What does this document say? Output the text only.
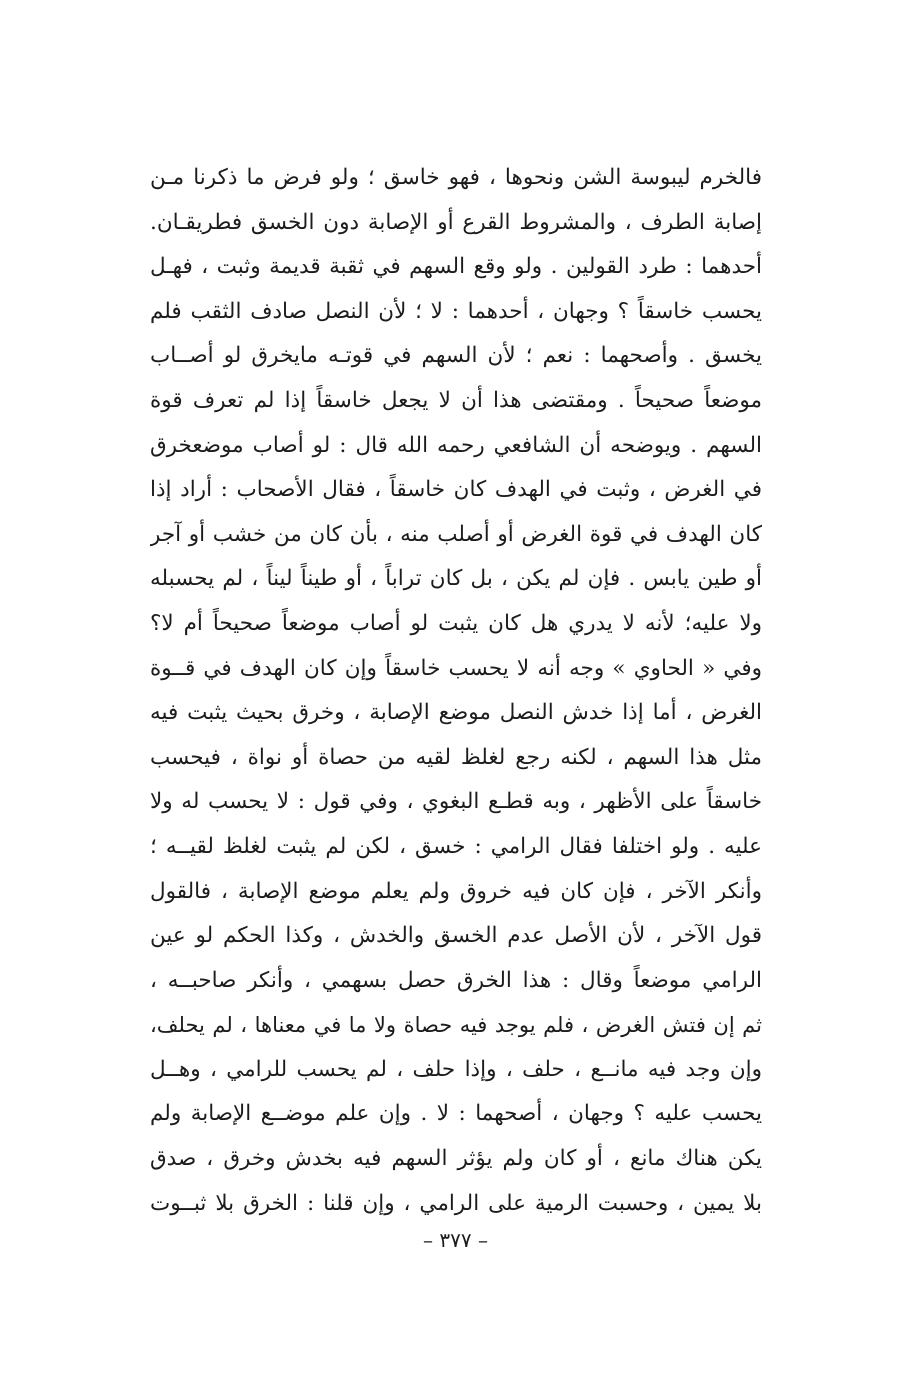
فالخرم ليبوسة الشن ونحوها ، فهو خاسق ؛ ولو فرض ما ذكرنا مـن
إصابة الطرف ، والمشروط القرع أو الإصابة دون الخسق فطريقـان.
أحدهما : طرد القولين . ولو وقع السهم في ثقبة قديمة وثبت ، فهـل
يحسب خاسقاً ؟ وجهان ، أحدهما : لا ؛ لأن النصل صادف الثقب فلم
يخسق . وأصحهما : نعم ؛ لأن السهم في قوتـه مايخرق لو أصــاب
موضعاً صحيحاً . ومقتضى هذا أن لا يجعل خاسقاً إذا لم تعرف قوة
السهم . ويوضحه أن الشافعي رحمه الله قال : لو أصاب موضعخرق
في الغرض ، وثبت في الهدف كان خاسقاً ، فقال الأصحاب : أراد إذا
كان الهدف في قوة الغرض أو أصلب منه ، بأن كان من خشب أو آجر
أو طين يابس . فإن لم يكن ، بل كان تراباً ، أو طيناً ليناً ، لم يحسبله
ولا عليه؛ لأنه لا يدري هل كان يثبت لو أصاب موضعاً صحيحاً أم لا؟
وفي « الحاوي » وجه أنه لا يحسب خاسقاً وإن كان الهدف في قــوة
الغرض ، أما إذا خدش النصل موضع الإصابة ، وخرق بحيث يثبت فيه
مثل هذا السهم ، لكنه رجع لغلظ لقيه من حصاة أو نواة ، فيحسب
خاسقاً على الأظهر ، وبه قطـع البغوي ، وفي قول : لا يحسب له ولا
عليه . ولو اختلفا فقال الرامي : خسق ، لكن لم يثبت لغلظ لقيــه ؛
وأنكر الآخر ، فإن كان فيه خروق ولم يعلم موضع الإصابة ، فالقول
قول الآخر ، لأن الأصل عدم الخسق والخدش ، وكذا الحكم لو عين
الرامي موضعاً وقال : هذا الخرق حصل بسهمي ، وأنكر صاحبــه ،
ثم إن فتش الغرض ، فلم يوجد فيه حصاة ولا ما في معناها ، لم يحلف،
وإن وجد فيه مانــع ، حلف ، وإذا حلف ، لم يحسب للرامي ، وهــل
يحسب عليه ؟ وجهان ، أصحهما : لا . وإن علم موضــع الإصابة ولم
يكن هناك مانع ، أو كان ولم يؤثر السهم فيه بخدش وخرق ، صدق
بلا يمين ، وحسبت الرمية على الرامي ، وإن قلنا : الخرق بلا ثبــوت
– ٣٧٧ –
